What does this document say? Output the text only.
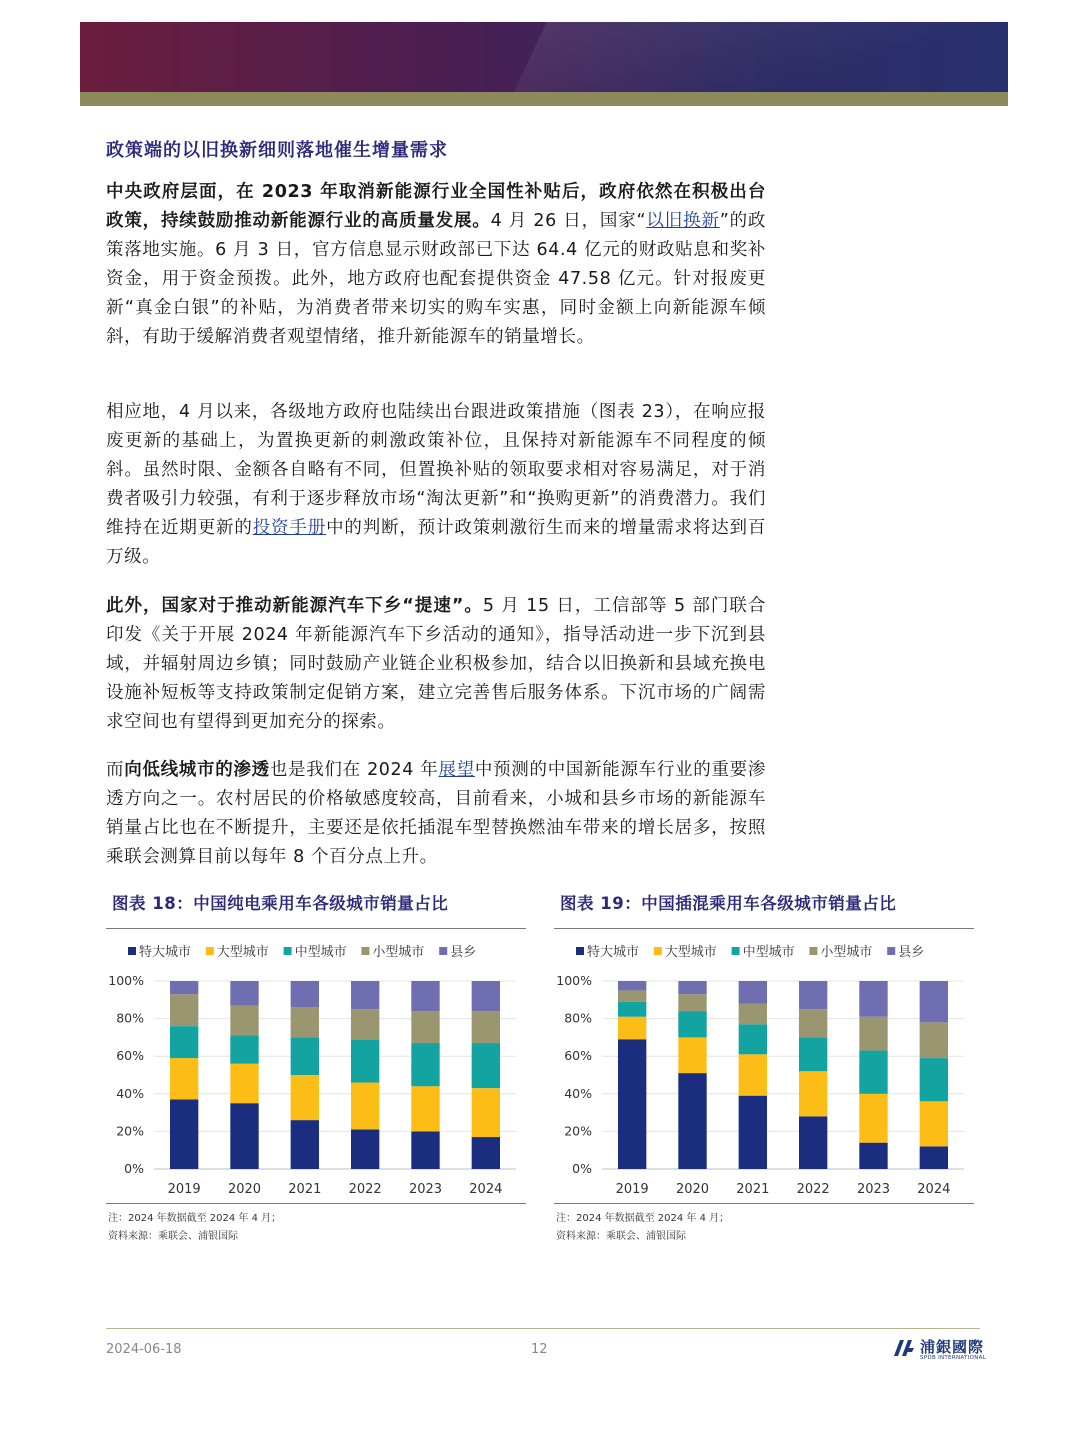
政策端的以旧换新细则落地催生增量需求

中央政府层面，在 2023 年取消新能源行业全国性补贴后，政府依然在积极出台政策，持续鼓励推动新能源行业的高质量发展。4 月 26 日，国家“以旧换新”的政策落地实施。6 月 3 日，官方信息显示财政部已下达 64.4 亿元的财政贴息和奖补资金，用于资金预拨。此外，地方政府也配套提供资金 47.58 亿元。针对报废更新“真金白银”的补贴，为消费者带来切实的购车实惠，同时金额上向新能源车倾斜，有助于缓解消费者观望情绪，推升新能源车的销量增长。

相应地，4 月以来，各级地方政府也陆续出台跟进政策措施（图表 23），在响应报废更新的基础上，为置换更新的刺激政策补位，且保持对新能源车不同程度的倾斜。虽然时限、金额各自略有不同，但置换补贴的领取要求相对容易满足，对于消费者吸引力较强，有利于逐步释放市场“淘汰更新”和“换购更新”的消费潜力。我们维持在近期更新的投资手册中的判断，预计政策刺激衍生而来的增量需求将达到百万级。

此外，国家对于推动新能源汽车下乡“提速”。5 月 15 日，工信部等 5 部门联合印发《关于开展 2024 年新能源汽车下乡活动的通知》，指导活动进一步下沉到县域，并辐射周边乡镇；同时鼓励产业链企业积极参加，结合以旧换新和县域充换电设施补短板等支持政策制定促销方案，建立完善售后服务体系。下沉市场的广阔需求空间也有望得到更加充分的探索。

而向低线城市的渗透也是我们在 2024 年展望中预测的中国新能源车行业的重要渗透方向之一。农村居民的价格敏感度较高，目前看来，小城和县乡市场的新能源车销量占比也在不断提升，主要还是依托插混车型替换燃油车带来的增长居多，按照乘联会测算目前以每年 8 个百分点上升。

图表 18：中国纯电乘用车各级城市销量占比
特大城市 大型城市 中型城市 小型城市 县乡
0%
20%
40%
60%
80%
100%
2019 2020 2021 2022 2023 2024
注：2024 年数据截至 2024 年 4 月；
资料来源：乘联会、浦银国际
图表 19：中国插混乘用车各级城市销量占比
特大城市 大型城市 中型城市 小型城市 县乡
0%
20%
40%
60%
80%
100%
2019 2020 2021 2022 2023 2024
注：2024 年数据截至 2024 年 4 月；
资料来源：乘联会、浦银国际
2024-06-18	12	浦銀國際
SPDB INTERNATIONAL
